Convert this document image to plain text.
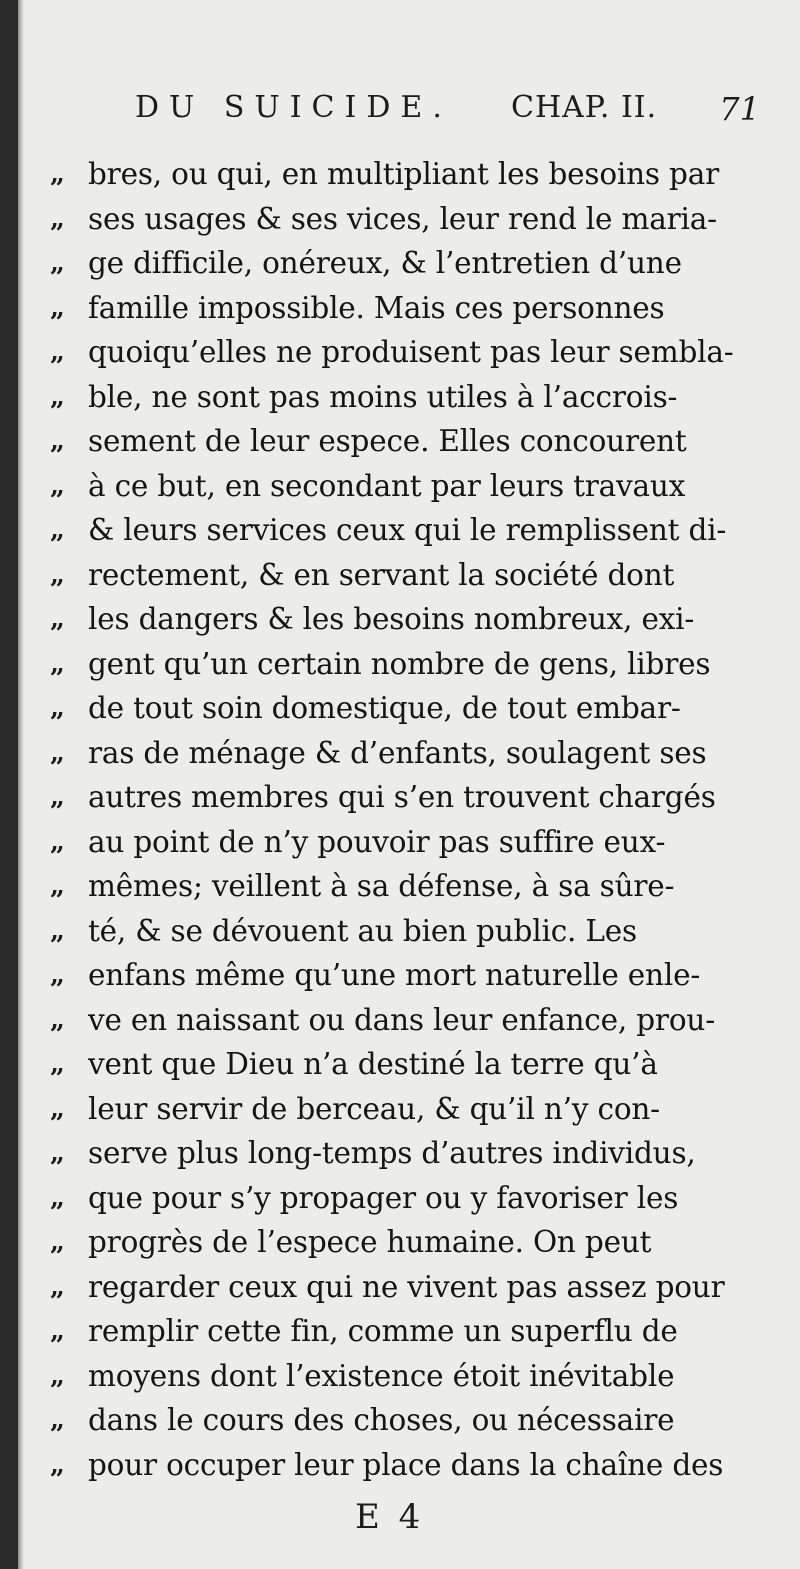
DU SUICIDE. CHAP. II. 71
„ bres, ou qui, en multipliant les besoins par
„ ses usages & ses vices, leur rend le maria-
„ ge difficile, onéreux, & l’entretien d’une
„ famille impossible. Mais ces personnes
„ quoiqu’elles ne produisent pas leur sembla-
„ ble, ne sont pas moins utiles à l’accrois-
„ sement de leur espece. Elles concourent
„ à ce but, en secondant par leurs travaux
„ & leurs services ceux qui le remplissent di-
„ rectement, & en servant la société dont
„ les dangers & les besoins nombreux, exi-
„ gent qu’un certain nombre de gens, libres
„ de tout soin domestique, de tout embar-
„ ras de ménage & d’enfants, soulagent ses
„ autres membres qui s’en trouvent chargés
„ au point de n’y pouvoir pas suffire eux-
„ mêmes; veillent à sa défense, à sa sûre-
„ té, & se dévouent au bien public. Les
„ enfans même qu’une mort naturelle enle-
„ ve en naissant ou dans leur enfance, prou-
„ vent que Dieu n’a destiné la terre qu’à
„ leur servir de berceau, & qu’il n’y con-
„ serve plus long-temps d’autres individus,
„ que pour s’y propager ou y favoriser les
„ progrès de l’espece humaine. On peut
„ regarder ceux qui ne vivent pas assez pour
„ remplir cette fin, comme un superflu de
„ moyens dont l’existence étoit inévitable
„ dans le cours des choses, ou nécessaire
„ pour occuper leur place dans la chaîne des
E 4
